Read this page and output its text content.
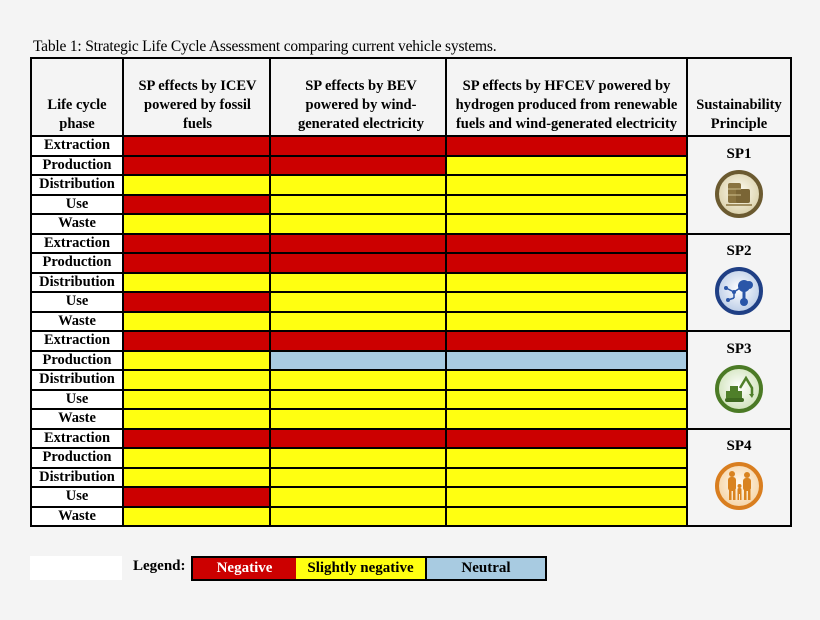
Table 1: Strategic Life Cycle Assessment comparing current vehicle systems.
Life cycle phase	SP effects by ICEV powered by fossil fuels	SP effects by BEV powered by wind-generated electricity	SP effects by HFCEV powered by hydrogen produced from renewable fuels and wind-generated electricity	Sustainability Principle
Extraction				SP1

Production				
Distribution				
Use				
Waste				
Extraction				SP2

Production				
Distribution				
Use				
Waste				
Extraction				SP3

Production				
Distribution				
Use				
Waste				
Extraction				SP4

Production				
Distribution				
Use				
Waste				
Legend:	Negative	Slightly negative	Neutral
